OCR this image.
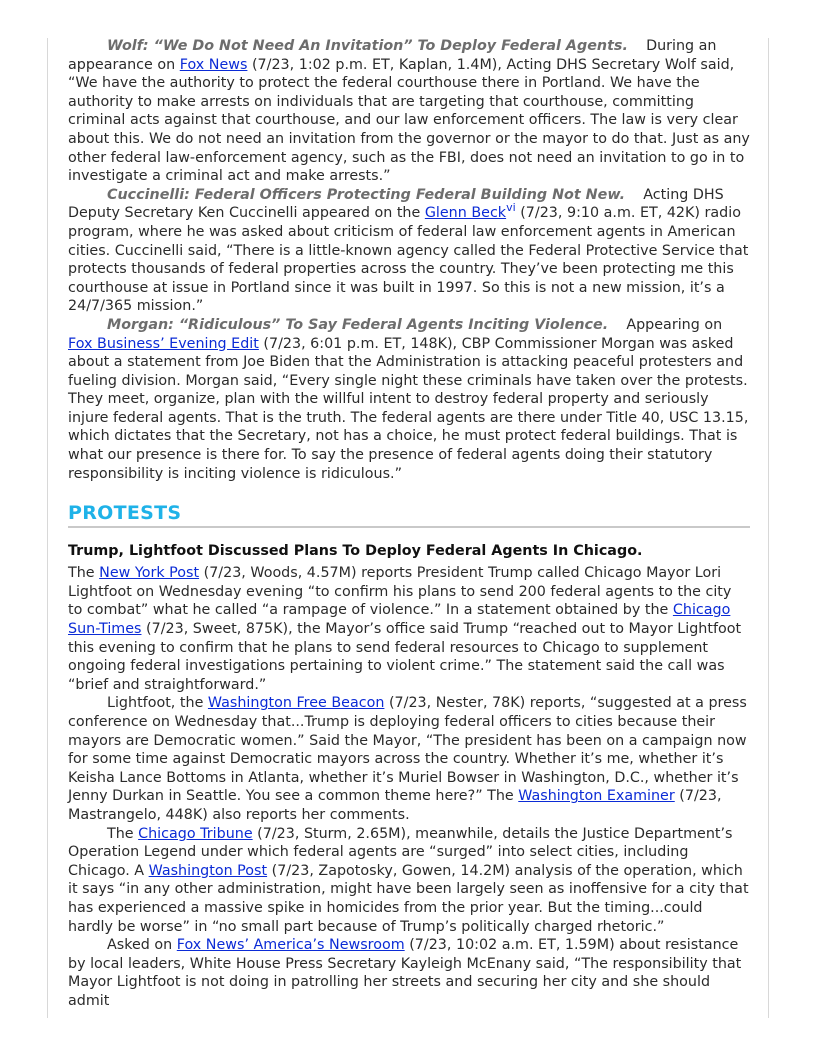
Wolf: “We Do Not Need An Invitation” To Deploy Federal Agents. During an appearance on Fox News (7/23, 1:02 p.m. ET, Kaplan, 1.4M), Acting DHS Secretary Wolf said, “We have the authority to protect the federal courthouse there in Portland. We have the authority to make arrests on individuals that are targeting that courthouse, committing criminal acts against that courthouse, and our law enforcement officers. The law is very clear about this. We do not need an invitation from the governor or the mayor to do that. Just as any other federal law-enforcement agency, such as the FBI, does not need an invitation to go in to investigate a criminal act and make arrests.”

Cuccinelli: Federal Officers Protecting Federal Building Not New. Acting DHS Deputy Secretary Ken Cuccinelli appeared on the Glenn Beck$^{vi}$ (7/23, 9:10 a.m. ET, 42K) radio program, where he was asked about criticism of federal law enforcement agents in American cities. Cuccinelli said, “There is a little-known agency called the Federal Protective Service that protects thousands of federal properties across the country. They’ve been protecting me this courthouse at issue in Portland since it was built in 1997. So this is not a new mission, it’s a 24/7/365 mission.”

Morgan: “Ridiculous” To Say Federal Agents Inciting Violence. Appearing on Fox Business’ Evening Edit (7/23, 6:01 p.m. ET, 148K), CBP Commissioner Morgan was asked about a statement from Joe Biden that the Administration is attacking peaceful protesters and fueling division. Morgan said, “Every single night these criminals have taken over the protests. They meet, organize, plan with the willful intent to destroy federal property and seriously injure federal agents. That is the truth. The federal agents are there under Title 40, USC 13.15, which dictates that the Secretary, not has a choice, he must protect federal buildings. That is what our presence is there for. To say the presence of federal agents doing their statutory responsibility is inciting violence is ridiculous.”

PROTESTS
Trump, Lightfoot Discussed Plans To Deploy Federal Agents In Chicago.

The New York Post (7/23, Woods, 4.57M) reports President Trump called Chicago Mayor Lori Lightfoot on Wednesday evening “to confirm his plans to send 200 federal agents to the city to combat” what he called “a rampage of violence.” In a statement obtained by the Chicago Sun-Times (7/23, Sweet, 875K), the Mayor’s office said Trump “reached out to Mayor Lightfoot this evening to confirm that he plans to send federal resources to Chicago to supplement ongoing federal investigations pertaining to violent crime.” The statement said the call was “brief and straightforward.”

Lightfoot, the Washington Free Beacon (7/23, Nester, 78K) reports, “suggested at a press conference on Wednesday that...Trump is deploying federal officers to cities because their mayors are Democratic women.” Said the Mayor, “The president has been on a campaign now for some time against Democratic mayors across the country. Whether it’s me, whether it’s Keisha Lance Bottoms in Atlanta, whether it’s Muriel Bowser in Washington, D.C., whether it’s Jenny Durkan in Seattle. You see a common theme here?” The Washington Examiner (7/23, Mastrangelo, 448K) also reports her comments.

The Chicago Tribune (7/23, Sturm, 2.65M), meanwhile, details the Justice Department’s Operation Legend under which federal agents are “surged” into select cities, including Chicago. A Washington Post (7/23, Zapotosky, Gowen, 14.2M) analysis of the operation, which it says “in any other administration, might have been largely seen as inoffensive for a city that has experienced a massive spike in homicides from the prior year. But the timing...could hardly be worse” in “no small part because of Trump’s politically charged rhetoric.”

Asked on Fox News’ America’s Newsroom (7/23, 10:02 a.m. ET, 1.59M) about resistance by local leaders, White House Press Secretary Kayleigh McEnany said, “The responsibility that Mayor Lightfoot is not doing in patrolling her streets and securing her city and she should admit
